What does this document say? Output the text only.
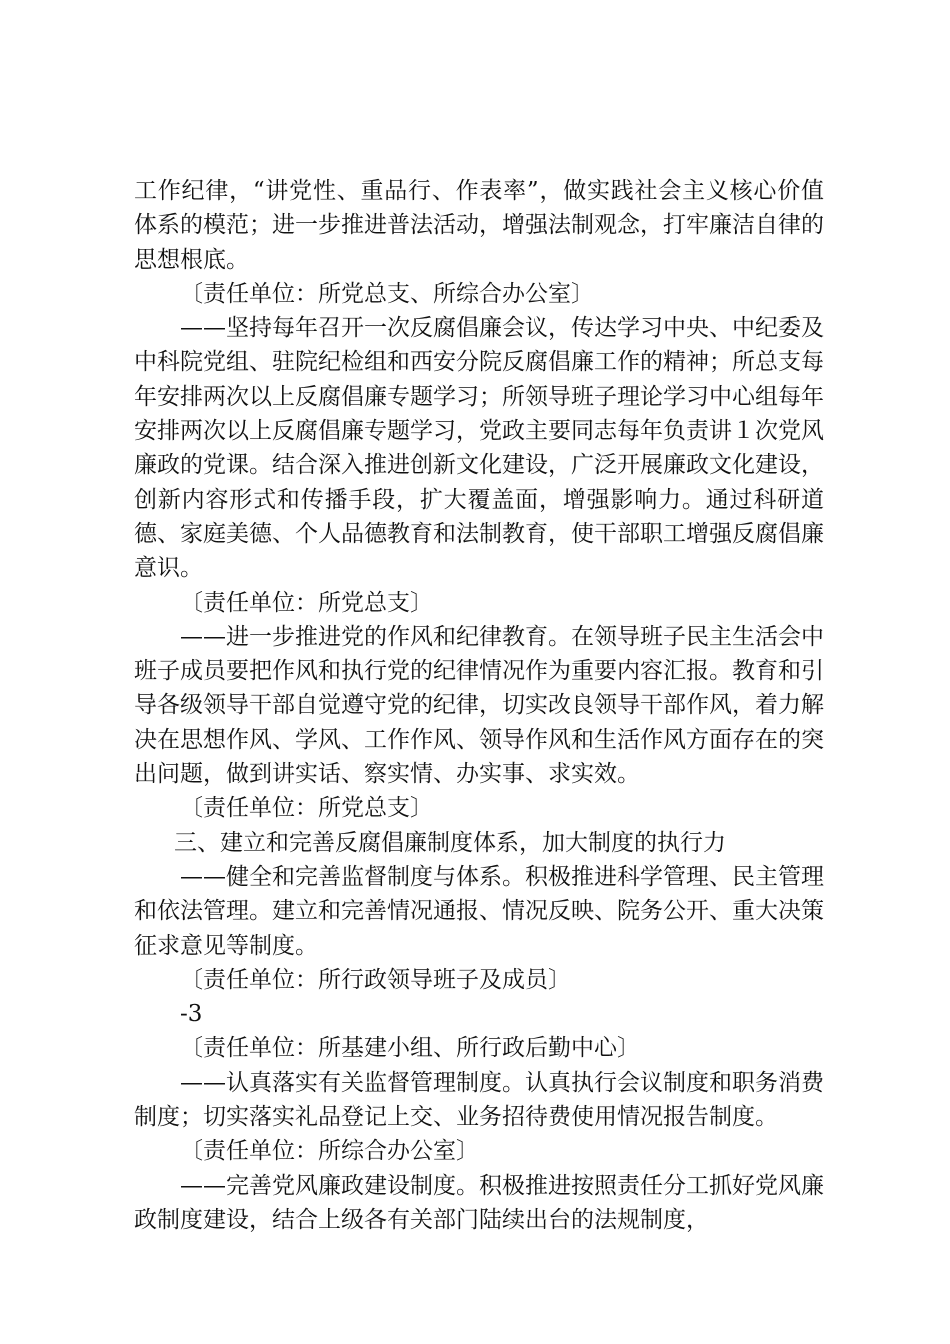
工作纪律，“讲党性、重品行、作表率”，做实践社会主义核心价值体系的模范；进一步推进普法活动，增强法制观念，打牢廉洁自律的思想根底。

〔责任单位：所党总支、所综合办公室〕

——坚持每年召开一次反腐倡廉会议，传达学习中央、中纪委及中科院党组、驻院纪检组和西安分院反腐倡廉工作的精神；所总支每年安排两次以上反腐倡廉专题学习；所领导班子理论学习中心组每年安排两次以上反腐倡廉专题学习，党政主要同志每年负责讲１次党风廉政的党课。结合深入推进创新文化建设，广泛开展廉政文化建设，创新内容形式和传播手段，扩大覆盖面，增强影响力。通过科研道德、家庭美德、个人品德教育和法制教育，使干部职工增强反腐倡廉意识。

〔责任单位：所党总支〕

——进一步推进党的作风和纪律教育。在领导班子民主生活会中班子成员要把作风和执行党的纪律情况作为重要内容汇报。教育和引导各级领导干部自觉遵守党的纪律，切实改良领导干部作风，着力解决在思想作风、学风、工作作风、领导作风和生活作风方面存在的突出问题，做到讲实话、察实情、办实事、求实效。

〔责任单位：所党总支〕

三、建立和完善反腐倡廉制度体系，加大制度的执行力

——健全和完善监督制度与体系。积极推进科学管理、民主管理和依法管理。建立和完善情况通报、情况反映、院务公开、重大决策征求意见等制度。

〔责任单位：所行政领导班子及成员〕

-3

〔责任单位：所基建小组、所行政后勤中心〕

——认真落实有关监督管理制度。认真执行会议制度和职务消费制度；切实落实礼品登记上交、业务招待费使用情况报告制度。

〔责任单位：所综合办公室〕

——完善党风廉政建设制度。积极推进按照责任分工抓好党风廉政制度建设，结合上级各有关部门陆续出台的法规制度，
